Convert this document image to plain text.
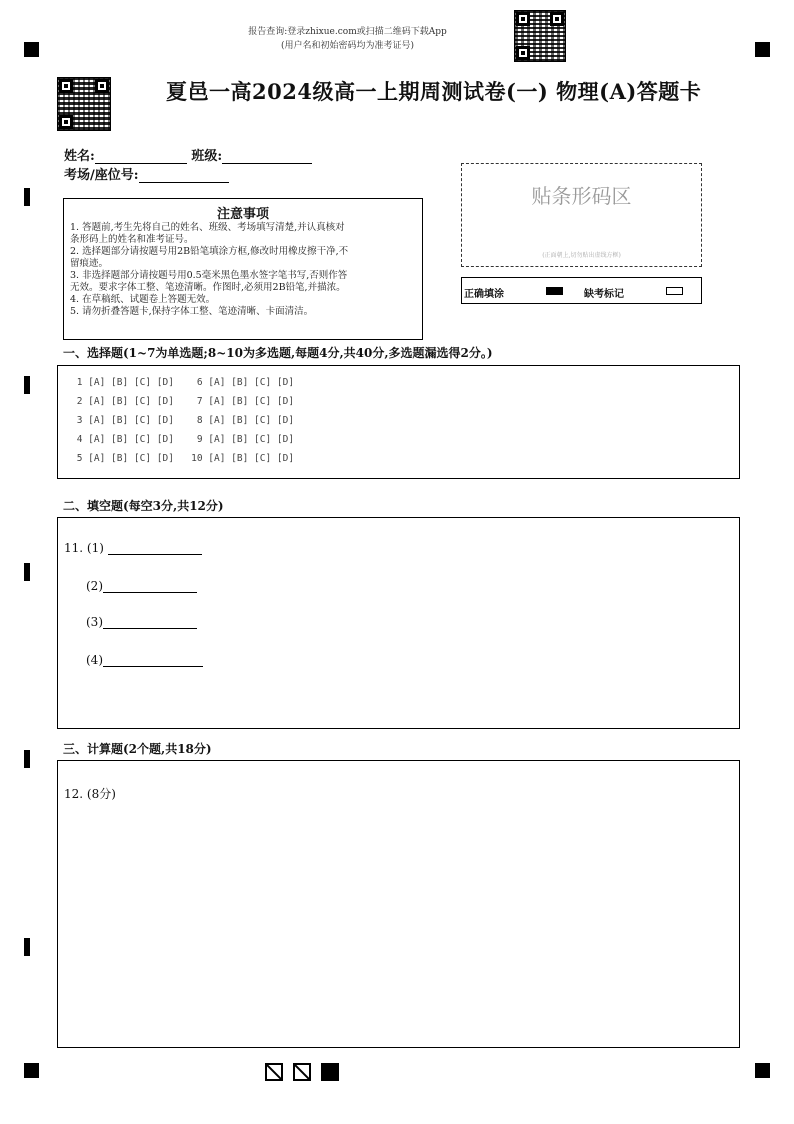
报告查询:登录zhixue.com或扫描二维码下载App
(用户名和初始密码均为准考证号)
夏邑一高2024级高一上期周测试卷(一) 物理(A)答题卡
姓名:	班级:
考场/座位号:
贴条形码区
(正面朝上,切勿贴出虚线方框)
正确填涂	缺考标记
注意事项
1. 答题前,考生先将自己的姓名、班级、考场填写清楚,并认真核对
条形码上的姓名和准考证号。
2. 选择题部分请按题号用2B铅笔填涂方框,修改时用橡皮擦干净,不
留痕迹。
3. 非选择题部分请按题号用0.5毫米黑色墨水签字笔书写,否则作答
无效。要求字体工整、笔迹清晰。作图时,必须用2B铅笔,并描浓。
4. 在草稿纸、试题卷上答题无效。
5. 请勿折叠答题卡,保持字体工整、笔迹清晰、卡面清洁。
一、选择题(1~7为单选题;8~10为多选题,每题4分,共40分,多选题漏选得2分。)
1 [A] [B] [C] [D]    6 [A] [B] [C] [D]
2 [A] [B] [C] [D]    7 [A] [B] [C] [D]
3 [A] [B] [C] [D]    8 [A] [B] [C] [D]
4 [A] [B] [C] [D]    9 [A] [B] [C] [D]
5 [A] [B] [C] [D]   10 [A] [B] [C] [D]
二、填空题(每空3分,共12分)
11. (1)
(2)
(3)
(4)
三、计算题(2个题,共18分)
12. (8分)
